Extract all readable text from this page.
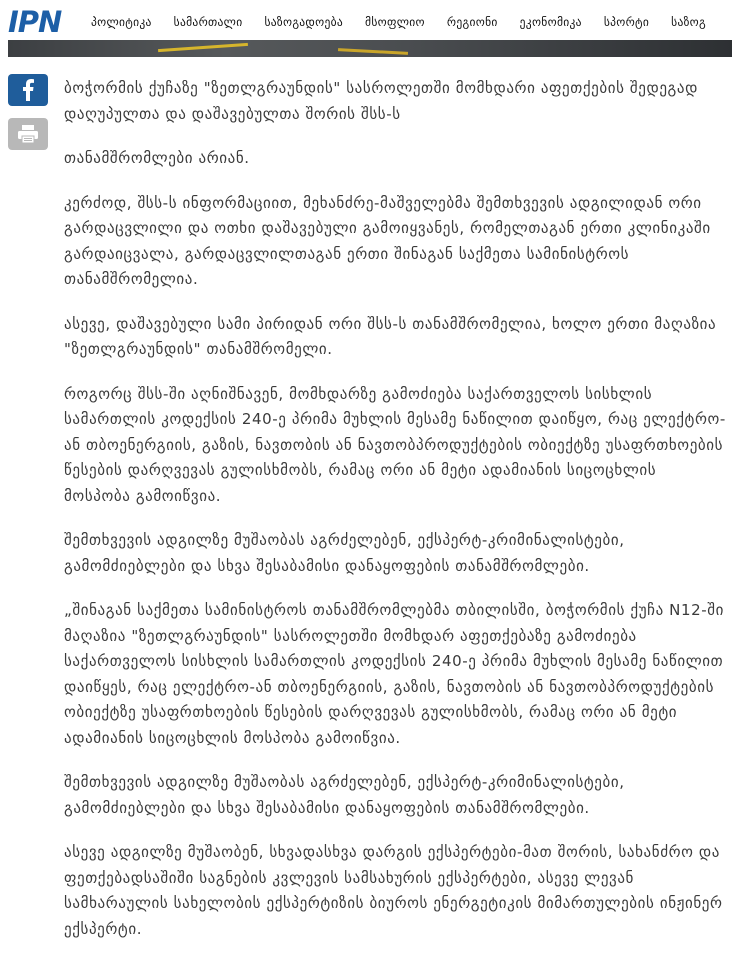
IPN	პოლიტიკა სამართალი საზოგადოება მსოფლიო რეგიონი ეკონომიკა სპორტი საზოგ

ბოჭორმის ქუჩაზე "ზეთლგრაუნდის" სასროლეთში მომხდარი აფეთქების შედეგად დაღუპულთა და დაშავებულთა შორის შსს-ს

თანამშრომლები არიან.

კერძოდ, შსს-ს ინფორმაციით, მეხანძრე-მაშველებმა შემთხვევის ადგილიდან ორი გარდაცვლილი და ოთხი დაშავებული გამოიყვანეს, რომელთაგან ერთი კლინიკაში გარდაიცვალა, გარდაცვლილთაგან ერთი შინაგან საქმეთა სამინისტროს თანამშრომელია.

ასევე, დაშავებული სამი პირიდან ორი შსს-ს თანამშრომელია, ხოლო ერთი მაღაზია "ზეთლგრაუნდის" თანამშრომელი.

როგორც შსს-ში აღნიშნავენ, მომხდარზე გამოძიება საქართველოს სისხლის სამართლის კოდექსის 240-ე პრიმა მუხლის მესამე ნაწილით დაიწყო, რაც ელექტრო-ან თბოენერგიის, გაზის, ნავთობის ან ნავთობპროდუქტების ობიექტზე უსაფრთხოების წესების დარღვევას გულისხმობს, რამაც ორი ან მეტი ადამიანის სიცოცხლის მოსპობა გამოიწვია.

შემთხვევის ადგილზე მუშაობას აგრძელებენ, ექსპერტ-კრიმინალისტები, გამომძიებლები და სხვა შესაბამისი დანაყოფების თანამშრომლები.

„შინაგან საქმეთა სამინისტროს თანამშრომლებმა თბილისში, ბოჭორმის ქუჩა N12-ში მაღაზია "ზეთლგრაუნდის" სასროლეთში მომხდარ აფეთქებაზე გამოძიება საქართველოს სისხლის სამართლის კოდექსის 240-ე პრიმა მუხლის მესამე ნაწილით დაიწყეს, რაც ელექტრო-ან თბოენერგიის, გაზის, ნავთობის ან ნავთობპროდუქტების ობიექტზე უსაფრთხოების წესების დარღვევას გულისხმობს, რამაც ორი ან მეტი ადამიანის სიცოცხლის მოსპობა გამოიწვია.

შემთხვევის ადგილზე მუშაობას აგრძელებენ, ექსპერტ-კრიმინალისტები, გამომძიებლები და სხვა შესაბამისი დანაყოფების თანამშრომლები.

ასევე ადგილზე მუშაობენ, სხვადასხვა დარგის ექსპერტები-მათ შორის, სახანძრო და ფეთქებადსაშიში საგნების კვლევის სამსახურის ექსპერტები, ასევე ლევან სამხარაულის სახელობის ექსპერტიზის ბიუროს ენერგეტიკის მიმართულების ინჟინერ ექსპერტი.
